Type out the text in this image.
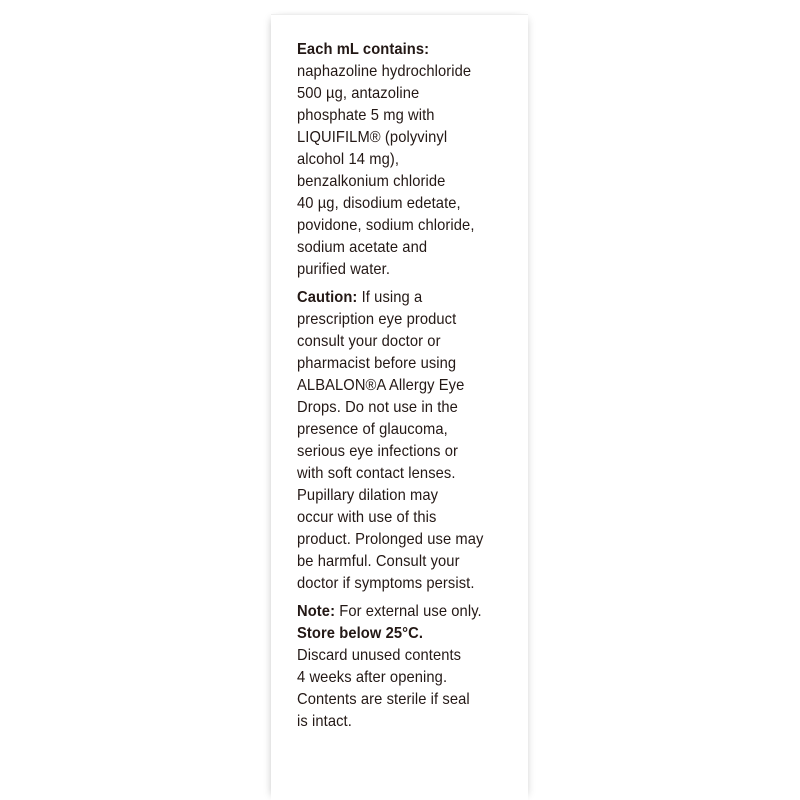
Each mL contains:
naphazoline hydrochloride
500 µg, antazoline
phosphate 5 mg with
LIQUIFILM® (polyvinyl
alcohol 14 mg),
benzalkonium chloride
40 µg, disodium edetate,
povidone, sodium chloride,
sodium acetate and
purified water.

Caution: If using a
prescription eye product
consult your doctor or
pharmacist before using
ALBALON®A Allergy Eye
Drops. Do not use in the
presence of glaucoma,
serious eye infections or
with soft contact lenses.
Pupillary dilation may
occur with use of this
product. Prolonged use may
be harmful. Consult your
doctor if symptoms persist.

Note: For external use only.
Store below 25°C.
Discard unused contents
4 weeks after opening.
Contents are sterile if seal
is intact.
